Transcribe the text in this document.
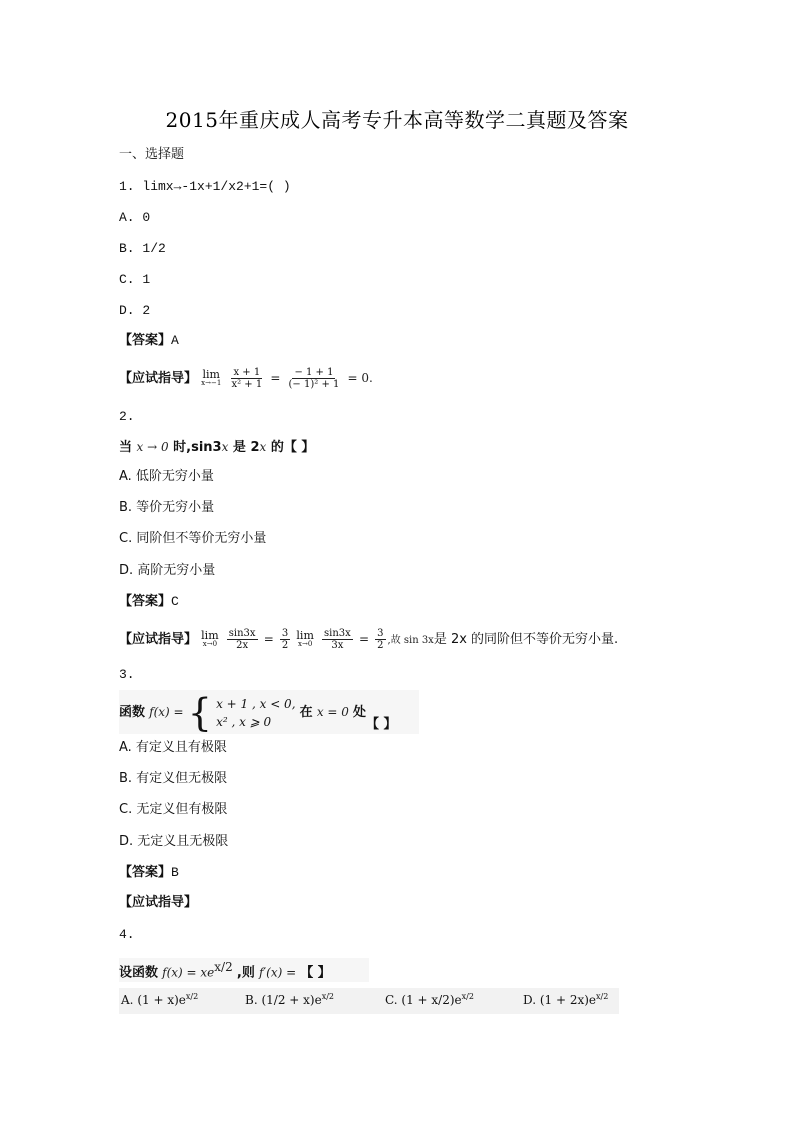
2015年重庆成人高考专升本高等数学二真题及答案
一、选择题
1. limx→-1x+1/x2+1=( )
A. 0
B. 1/2
C. 1
D. 2
【答案】A
【应试指导】 lim
x→−1
$\frac{x + 1}{\text{x² + 1}} = \frac{- 1 + 1}{\text{(− 1)² + 1}} = 0$.
2.
当 x → 0 时,sin3x 是 2x 的【 】
A. 低阶无穷小量
B. 等价无穷小量
C. 同阶但不等价无穷小量
D. 高阶无穷小量
【答案】C
【应试指导】 lim
x→0
$\frac{\sin 3x}{2x} = \frac{3}{2}$
lim
x→0
$\frac{\sin 3x}{3x} = \frac{3}{2}$ ,故 sin 3x是 2x 的同阶但不等价无穷小量.
3.
函数 f(x) = { x + 1 , x < 0,
x² , x ⩾ 0
在 x = 0 处
【 】
A. 有定义且有极限
B. 有定义但无极限
C. 无定义但有极限
D. 无定义且无极限
【答案】B
【应试指导】
4.
设函数 $f(x) = xe^{x/2}$ ,则 f′(x) = 【 】
A. $(1 + x)e^{x/2}$	B. $(1/2 + x)e^{x/2}$	C. $(1 + x/2)e^{x/2}$	D. $(1 + 2x)e^{x/2}$
